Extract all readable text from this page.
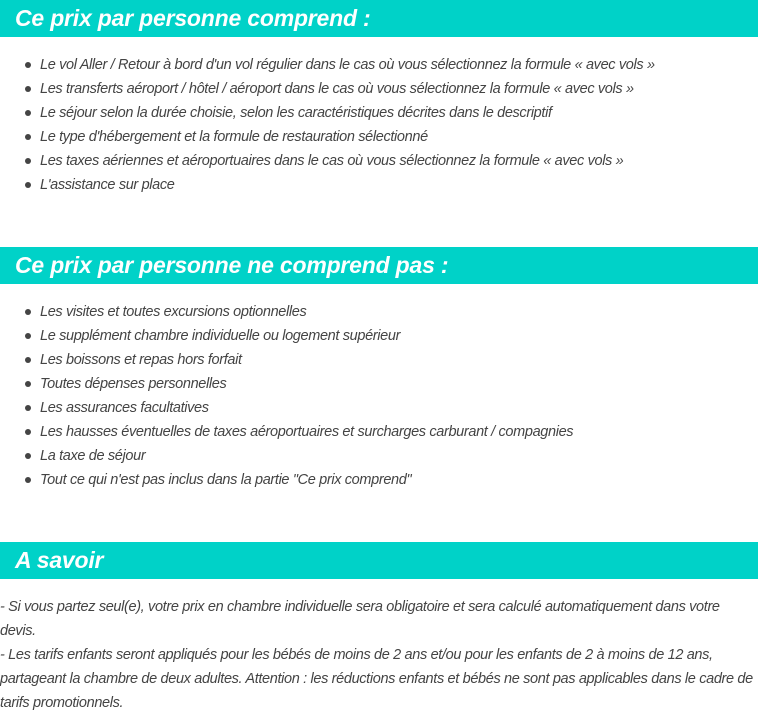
Ce prix par personne comprend :
Le vol Aller / Retour à bord d'un vol régulier dans le cas où vous sélectionnez la formule « avec vols »
Les transferts aéroport / hôtel / aéroport dans le cas où vous sélectionnez la formule « avec vols »
Le séjour selon la durée choisie, selon les caractéristiques décrites dans le descriptif
Le type d'hébergement et la formule de restauration sélectionné
Les taxes aériennes et aéroportuaires dans le cas où vous sélectionnez la formule « avec vols »
L'assistance sur place
Ce prix par personne ne comprend pas :
Les visites et toutes excursions optionnelles
Le supplément chambre individuelle ou logement supérieur
Les boissons et repas hors forfait
Toutes dépenses personnelles
Les assurances facultatives
Les hausses éventuelles de taxes aéroportuaires et surcharges carburant / compagnies
La taxe de séjour
Tout ce qui n'est pas inclus dans la partie "Ce prix comprend"
A savoir

- Si vous partez seul(e), votre prix en chambre individuelle sera obligatoire et sera calculé automatiquement dans votre devis.

- Les tarifs enfants seront appliqués pour les bébés de moins de 2 ans et/ou pour les enfants de 2 à moins de 12 ans, partageant la chambre de deux adultes. Attention : les réductions enfants et bébés ne sont pas applicables dans le cadre de tarifs promotionnels.
